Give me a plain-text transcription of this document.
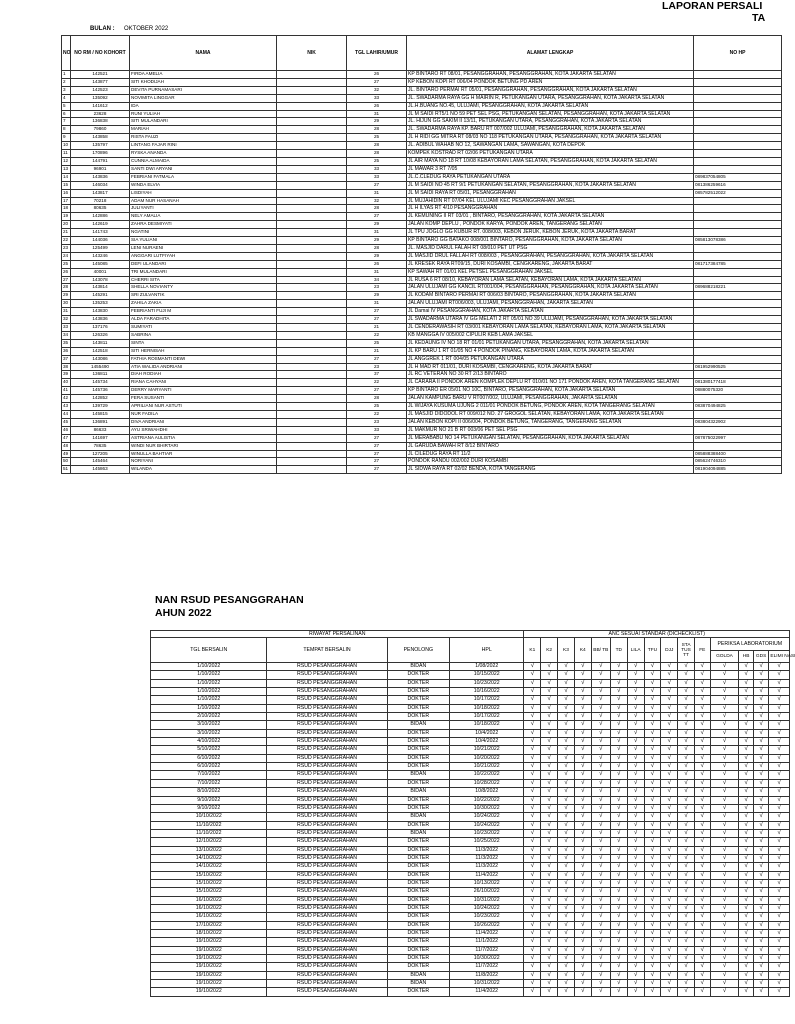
LAPORAN PERSALI
TA
BULAN : OKTOBER 2022
NO	NO RM / NO KOHORT	NAMA	NIK	TGL LAHIR/UMUR	ALAMAT LENGKAP	NO HP
1	142521	FIRDA AMELIA		26	KP BINTARO RT 08/01, PESANGGRAHAN, PESANGGRAHAN, KOTA JAKARTA SELATAN	
2	143877	SITI KHODIJAH		27	KP KEBON KOPI RT 006/04 PONDOK BETUNG PD AREN	
3	142523	DEVITA PURNAMASARI		32	JL. BINTARO PERMAI RT 05/01, PESANGGRAHAN, PESANGGRAHAN, KOTA JAKARTA SELATAN	
4	135092	NOVIMITA LINGGAR		33	JL. SWADARMA RAYA GG H MAIRIN R, PETUKANGAN UTARA, PESANGGRAHAN, KOTA JAKARTA SELATAN	
5	141612	IDA		26	JL.H.BUANG NO.45, ULUJAMI, PESANGGRAHAN, KOTA JAKARTA SELATAN	
6	23628	RUNI YULIAH		31	JL M SAIDI RT5/1 NO 59 PET SEL PSG, PETUKANGAN SELATAN, PESANGGRAHAN, KOTA JAKARTA SELATAN	
7	136838	SITI MULANDARI		29	JL. HIJUN GG SAKIM II 13/11, PETUKANGAN UTARA, PESANGGRAHAN, KOTA JAKARTA SELATAN	
8	79860	MARIAH		28	JL. SWADARMA RAYA KP. BARU RT 007/002 ULUJAMI, PESANGGRAHAN, KOTA JAKARTA SELATAN	
9	143858	RISTA FAUZI		25	JL H RIDI GG MITRA RT 08/03 NO 118 PETUKANGAN UTARA, PESANGGRAHAN, KOTA JAKARTA SELATAN	
10	135797	LINTANG FAJAR RINI		28	JL. ADIBUL WAHAB NO 12, SAWANGAN LAMA, SAWANGAN, KOTA DEPOK	
11	170896	RYSKA ANANDA		28	KOMPEK KOSTRAD RT 02/06 PETUKANGAN UTARA	
12	144791	CUNNIA ALMAIDA		25	JL AIR MAYA NO 18 RT 10/08 KEBAYORAN LAMA SELATAN, PESANGGRAHAN, KOTA JAKARTA SELATAN	
13	96901	SANTI DWI ARYANI		33	JL MAWAR 3 RT 7/05	
14	143836	FEBRIANI FATMALA		33	JL.C.CLEDUG RAYA PETUKANGAN UTARA	089837054805
15	146034	WINDA ELVIA		27	JL M SAIDI NO 45 RT 9/1 PETUKANGAN SELATAN, PESANGGRAHAN, KOTA JAKARTA SELATAN	081386259616
16	143817	LISDIYAH		31	JL M SAIDI RAYA RT 05/01, PESANGGRAHAN	085782512022
17	70218	ADAM NUR HASANAH		32	JL MUJAHIDIN RT 07/04 KEL ULUJAMI KEC PESANGGRAHAN JAKSEL	
18	80635	JULIYANTI		28	JL H ILYAS RT 4/10 PESANGGRAHAN	
19	142886	NELY AMALIA		27	JL KEMUNING II RT 03/01 , BINTARO, PESANGGRAHAN, KOTA JAKARTA SELATAN	
20	142619	ZAHRA DESMIYATI		29	JALAN KOMP DEPLU , PONDOK KARYA, PONDOK AREN, TANGERANG SELATAN	
21	141743	NGATINI		31	JL TPU JOGLO GG KUBUR RT. 008/003, KEBON JERUK, KEBON JERUK, KOTA JAKARTA BARAT	
22	144036	SIA YULIANI		29	KP BINTARO GG BATAKO 008/001 BINTARO, PESANGGRAHAN, KOTA JAKARTA SELATAN	085813078386
23	125499	LENI NURAENI		28	JL. MASJID DARUL FALAH RT 08/010 PET UT PSG	
24	143246	ANGGARI LUTFIYAH		29	JL MASJID DRUL FALLAH RT 008/003 , PESANGGRAHAN, PESANGGRAHAN, KOTA JAKARTA SELATAN	
25	145085	DEFI ULANDARI		26	JL KRESEK RAYA RT09/15, DURI KOSAMBI, CENGKARENG, JAKARTA BARAT	081717384785
26	40001	TRI MULANDARI		31	KP SAWAH RT 01/01 KEL PETSEL PESANGGRAHAN JAKSEL	
27	143078	CHERRI SITA		34	JL RUSA 6 RT 08/10, KEBAYORAN LAMA SELATAN, KEBAYORAN LAMA, KOTA JAKARTA SELATAN	
28	143814	SHELLA NOVIANTY		23	JALAN ULUJAMI GG KANCIL RT001/004, PESANGGRAHAN, PESANGGRAHAN, KOTA JAKARTA SELATAN	089688218221
29	145291	SRI ZULVANTIK		29	JL KODAM BINTARO PERMAI RT 006/03 BINTARO, PESANGGRAHAN, KOTA JAKARTA SELATAN	
30	135253	ZAHILA ZAKIA		31	JALAN ULUJAMI RT006/003, ULUJAMI, PESANGGRAHAN, JAKARTA SELATAN	
31	143830	FEBRIANTI FUJI M		27	JL Damai IV PESANGGRAHAN, KOTA JAKARTA SELATAN	
32	143836	ALDA FARADHITA		27	JL SWADARMA UTARA IV GG MELATI 2 RT 05/01 NO 39 ULUJAMI, PESANGGRAHAN, KOTA JAKARTA SELATAN	
33	137176	SUMIYATI		21	JL CENDERAWASIH RT 03/001 KEBAYORAN LAMA SELATAN, KEBAYORAN LAMA, KOTA JAKARTA SELATAN	
34	126326	SABRINA		22	KB MANGGA IV 005/002 CIPULIR KEB LAMA JAKSEL	
35	143811	SINTA		25	JL KEDAUNG IV NO 18 RT 01/01 PETUKANGAN UTARA, PESANGGRAHAN, KOTA JAKARTA SELATAN	
36	142518	SITI HERNISAH		21	JL KP BARU 1 RT 01/05 NO 4 PONDOK PINANG, KEBAYORAN LAMA, KOTA JAKARTA SELATAN	
37	143086	FATHIA ROSMANTI DEWI		27	JL ANGGREK 1 RT 004/05 PETUKANGAN UTARA	
38	1455490	ATIA WALIDA ANDRIANI		23	JL H MAD RT 011/01, DURI KOSAMBI, CENGKARENG, KOTA JAKARTA BARAT	081952990525
39	136811	DIAH RODIAH		37	JL RC VETERAN NO 30 RT 2/13 BINTARO	
40	145734	RIANA CAHYANI		22	JL CARARA II PONDOK AREN KOMPLEK DEPLU RT 010/01 NO 171 PONDOK AREN, KOTA TANGERANG SELATAN	081380177418
41	145736	DERRY MARYANTI		27	KP BINTARO ER 05/01 NO 10C, BINTARO, PESANGGRAHAN, KOTA JAKARTA SELATAN	08880075320
42	142852	FERA SUSANTI		28	JALAN KAMPUNG BARU V RT007/002, ULUJAMI, PESANGGRAHAN, JAKARTA SELATAN	
43	139729	APRILIANI NUR ASTUTI		25	JL WIJAYA KUSUMA UJUNG 2 011/01 PONDOK BETUNG, PONDOK AREN, KOTA TANGERANG SELATAN	083870494825
44	145815	NUR FADILA		22	JL MASJID DIDODOL RT 009/012 NO. 27 GROGOL SELATAN, KEBAYORAN LAMA, KOTA JAKARTA SELATAN	
45	136891	DIVA ANDRIANI		23	JALAN KEBON KOPI II 006/004, PONDOK BETUNG, TANGERANG, TANGERANG SELATAN	083804322902
46	86633	AYU SRIWAHDHI		33	JL MAKMUR NO 21 B RT 003/06 PET SEL PSG	
47	141697	ASTRIANA AULISTIA		27	JL MERABABU NO 14 PETUKANGAN SELATAN, PESANGGRAHAN, KOTA JAKARTA SELATAN	087875022997
48	78635	WINDI NUR BHIRTARI		27	JL GARUDA BAWAH RT 8/12 BINTARO	
49	127205	WINULLA BAHTIAR		27	JL CILEDUG RAYA RT 11/2	085888388400
50	145464	NORIYANI		27	PONDOK RANDU 002/002 DURI KOSAMBI	085624746310
51	145863	WILANDA		27	JL SIDWA RAYA RT 02/02 BENDA, KOTA TANGERANG	081904094885
NAN RSUD PESANGGRAHAN
AHUN 2022
RIWAYAT PERSALINAN				ANC SESUAI STANDAR (DICHECKLIST)														
TGL BERSALIN	TEMPAT BERSALIN	PENOLONG	HPL	K1	K2	K3	K4	BB/ TB	TD	LILA	TFU	DJJ	STA TUS TT	FE	PERIKSA LABORATORIUM			
															GOLDA	HB	GDS	ELIMI NASI
1/10/2022	RSUD PESANGGRAHAN	BIDAN	1/08/2022	√	√	√	√	√	√	√	√	√	√	√	√	√	√	√
1/10/2022	RSUD PESANGGRAHAN	DOKTER	10/15/2022	√	√	√	√	√	√	√	√	√	√	√	√	√	√	√
1/10/2022	RSUD PESANGGRAHAN	DOKTER	10/23/2022	√	√	√	√	√	√	√	√	√	√	√	√	√	√	√
1/10/2022	RSUD PESANGGRAHAN	DOKTER	10/16/2022	√	√	√	√	√	√	√	√	√	√	√	√	√	√	√
1/10/2022	RSUD PESANGGRAHAN	DOKTER	10/17/2022	√	√	√	√	√	√	√	√	√	√	√	√	√	√	√
1/10/2022	RSUD PESANGGRAHAN	DOKTER	10/18/2022	√	√	√	√	√	√	√	√	√	√	√	√	√	√	√
2/10/2022	RSUD PESANGGRAHAN	DOKTER	10/17/2022	√	√	√	√	√	√	√	√	√	√	√	√	√	√	√
3/10/2022	RSUD PESANGGRAHAN	BIDAN	10/18/2022	√	√	√	√	√	√	√	√	√	√	√	√	√	√	√
3/10/2022	RSUD PESANGGRAHAN	DOKTER	10/4/2022	√	√	√	√	√	√	√	√	√	√	√	√	√	√	√
4/10/2022	RSUD PESANGGRAHAN	DOKTER	10/4/2022	√	√	√	√	√	√	√	√	√	√	√	√	√	√	√
5/10/2022	RSUD PESANGGRAHAN	DOKTER	10/21/2022	√	√	√	√	√	√	√	√	√	√	√	√	√	√	√
6/10/2022	RSUD PESANGGRAHAN	DOKTER	10/20/2022	√	√	√	√	√	√	√	√	√	√	√	√	√	√	√
6/10/2022	RSUD PESANGGRAHAN	DOKTER	10/21/2022	√	√	√	√	√	√	√	√	√	√	√	√	√	√	√
7/10/2022	RSUD PESANGGRAHAN	BIDAN	10/22/2022	√	√	√	√	√	√	√	√	√	√	√	√	√	√	√
7/10/2022	RSUD PESANGGRAHAN	DOKTER	10/28/2022	√	√	√	√	√	√	√	√	√	√	√	√	√	√	√
8/10/2022	RSUD PESANGGRAHAN	BIDAN	10/8/2022	√	√	√	√	√	√	√	√	√	√	√	√	√	√	√
9/10/2022	RSUD PESANGGRAHAN	DOKTER	10/22/2022	√	√	√	√	√	√	√	√	√	√	√	√	√	√	√
9/10/2022	RSUD PESANGGRAHAN	DOKTER	10/30/2022	√	√	√	√	√	√	√	√	√	√	√	√	√	√	√
10/10/2022	RSUD PESANGGRAHAN	BIDAN	10/24/2022	√	√	√	√	√	√	√	√	√	√	√	√	√	√	√
11/10/2022	RSUD PESANGGRAHAN	DOKTER	10/24/2022	√	√	√	√	√	√	√	√	√	√	√	√	√	√	√
11/10/2022	RSUD PESANGGRAHAN	BIDAN	10/23/2022	√	√	√	√	√	√	√	√	√	√	√	√	√	√	√
12/10/2022	RSUD PESANGGRAHAN	DOKTER	10/25/2022	√	√	√	√	√	√	√	√	√	√	√	√	√	√	√
13/10/2022	RSUD PESANGGRAHAN	DOKTER	11/3/2022	√	√	√	√	√	√	√	√	√	√	√	√	√	√	√
14/10/2022	RSUD PESANGGRAHAN	DOKTER	11/3/2022	√	√	√	√	√	√	√	√	√	√	√	√	√	√	√
14/10/2022	RSUD PESANGGRAHAN	DOKTER	11/3/2022	√	√	√	√	√	√	√	√	√	√	√	√	√	√	√
15/10/2022	RSUD PESANGGRAHAN	DOKTER	11/4/2022	√	√	√	√	√	√	√	√	√	√	√	√	√	√	√
15/10/2022	RSUD PESANGGRAHAN	DOKTER	10/13/2022	√	√	√	√	√	√	√	√	√	√	√	√	√	√	√
15/10/2022	RSUD PESANGGRAHAN	DOKTER	26/10/2022	√	√	√	√	√	√	√	√	√	√	√	√	√	√	√
16/10/2022	RSUD PESANGGRAHAN	DOKTER	10/31/2022	√	√	√	√	√	√	√	√	√	√	√	√	√	√	√
16/10/2022	RSUD PESANGGRAHAN	DOKTER	10/24/2022	√	√	√	√	√	√	√	√	√	√	√	√	√	√	√
16/10/2022	RSUD PESANGGRAHAN	DOKTER	10/23/2022	√	√	√	√	√	√	√	√	√	√	√	√	√	√	√
17/10/2022	RSUD PESANGGRAHAN	DOKTER	10/26/2022	√	√	√	√	√	√	√	√	√	√	√	√	√	√	√
18/10/2022	RSUD PESANGGRAHAN	DOKTER	11/4/2022	√	√	√	√	√	√	√	√	√	√	√	√	√	√	√
19/10/2022	RSUD PESANGGRAHAN	DOKTER	11/1/2022	√	√	√	√	√	√	√	√	√	√	√	√	√	√	√
19/10/2022	RSUD PESANGGRAHAN	DOKTER	11/7/2022	√	√	√	√	√	√	√	√	√	√	√	√	√	√	√
19/10/2022	RSUD PESANGGRAHAN	DOKTER	10/30/2022	√	√	√	√	√	√	√	√	√	√	√	√	√	√	√
19/10/2022	RSUD PESANGGRAHAN	DOKTER	11/7/2022	√	√	√	√	√	√	√	√	√	√	√	√	√	√	√
19/10/2022	RSUD PESANGGRAHAN	BIDAN	11/8/2022	√	√	√	√	√	√	√	√	√	√	√	√	√	√	√
19/10/2022	RSUD PESANGGRAHAN	BIDAN	10/31/2022	√	√	√	√	√	√	√	√	√	√	√	√	√	√	√
19/10/2022	RSUD PESANGGRAHAN	DOKTER	11/4/2022	√	√	√	√	√	√	√	√	√	√	√	√	√	√	√
